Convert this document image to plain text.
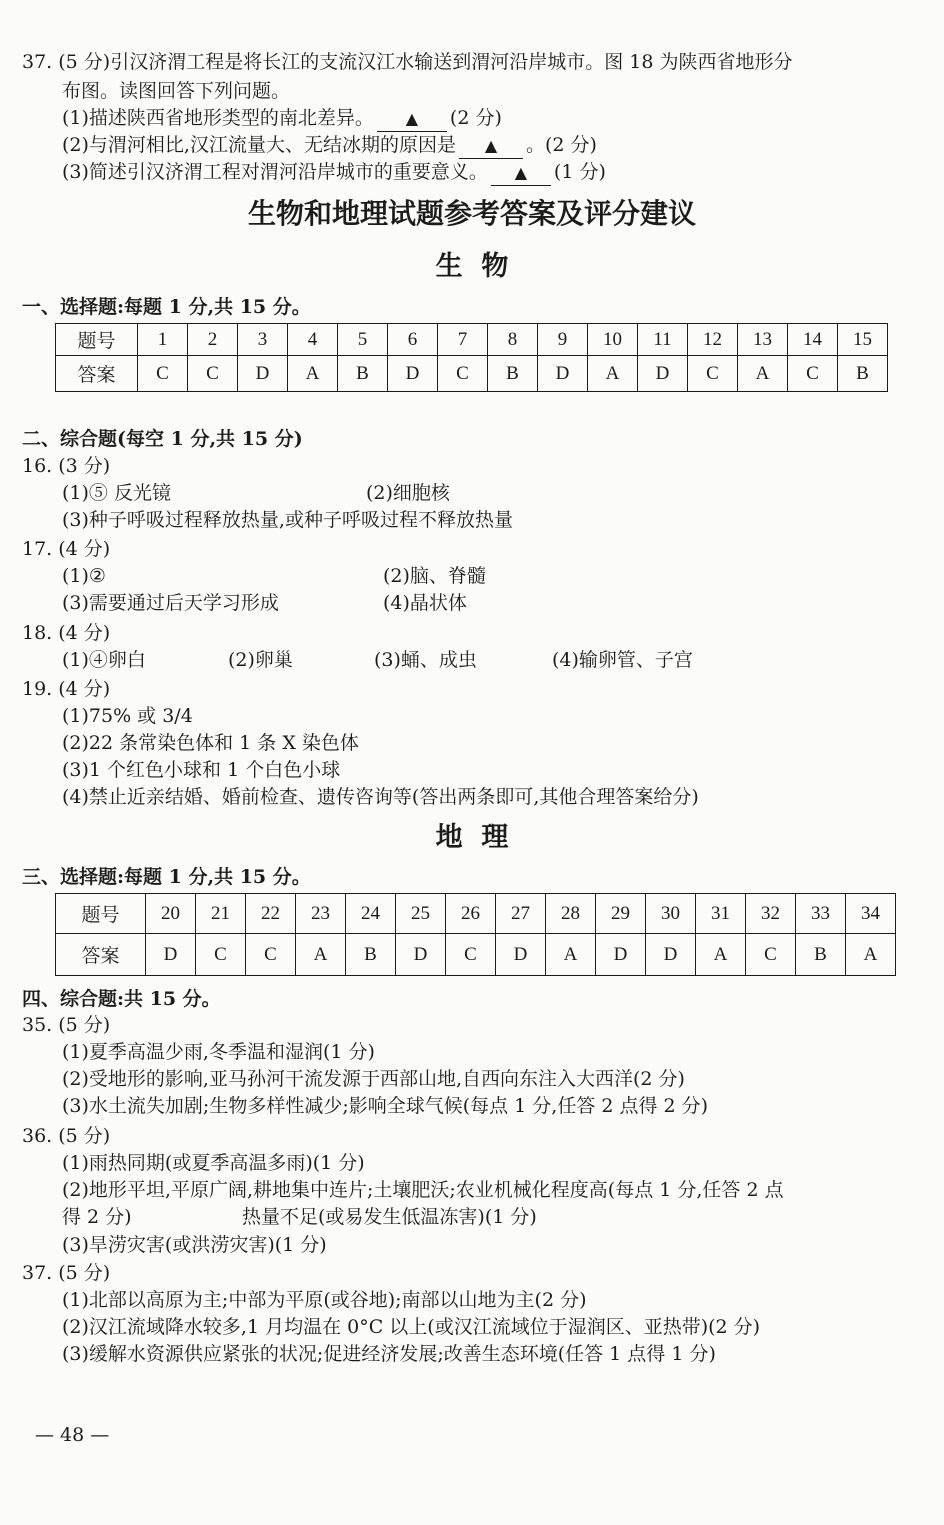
37. (5 分)引汉济渭工程是将长江的支流汉江水输送到渭河沿岸城市。图 18 为陕西省地形分
布图。读图回答下列问题。
(1)描述陕西省地形类型的南北差异。 ▲ (2 分)
(2)与渭河相比,汉江流量大、无结冰期的原因是 ▲ 。(2 分)
(3)简述引汉济渭工程对渭河沿岸城市的重要意义。 ▲ (1 分)
生物和地理试题参考答案及评分建议
生  物
一、选择题:每题 1 分,共 15 分。
题号	1	2	3	4	5	6	7	8	9	10	11	12	13	14	15
答案	C	C	D	A	B	D	C	B	D	A	D	C	A	C	B
二、综合题(每空 1 分,共 15 分)
16. (3 分)
(1)⑤ 反光镜	(2)细胞核
(3)种子呼吸过程释放热量,或种子呼吸过程不释放热量
17. (4 分)
(1)②	(2)脑、脊髓
(3)需要通过后天学习形成	(4)晶状体
18. (4 分)
(1)④卵白	(2)卵巢	(3)蛹、成虫	(4)输卵管、子宫
19. (4 分)
(1)75% 或 3/4
(2)22 条常染色体和 1 条 X 染色体
(3)1 个红色小球和 1 个白色小球
(4)禁止近亲结婚、婚前检查、遗传咨询等(答出两条即可,其他合理答案给分)
地  理
三、选择题:每题 1 分,共 15 分。
题号	20	21	22	23	24	25	26	27	28	29	30	31	32	33	34
答案	D	C	C	A	B	D	C	D	A	D	D	A	C	B	A
四、综合题:共 15 分。
35. (5 分)
(1)夏季高温少雨,冬季温和湿润(1 分)
(2)受地形的影响,亚马孙河干流发源于西部山地,自西向东注入大西洋(2 分)
(3)水土流失加剧;生物多样性减少;影响全球气候(每点 1 分,任答 2 点得 2 分)
36. (5 分)
(1)雨热同期(或夏季高温多雨)(1 分)
(2)地形平坦,平原广阔,耕地集中连片;土壤肥沃;农业机械化程度高(每点 1 分,任答 2 点
得 2 分)	热量不足(或易发生低温冻害)(1 分)
(3)旱涝灾害(或洪涝灾害)(1 分)
37. (5 分)
(1)北部以高原为主;中部为平原(或谷地);南部以山地为主(2 分)
(2)汉江流域降水较多,1 月均温在 0°C 以上(或汉江流域位于湿润区、亚热带)(2 分)
(3)缓解水资源供应紧张的状况;促进经济发展;改善生态环境(任答 1 点得 1 分)
— 48 —
